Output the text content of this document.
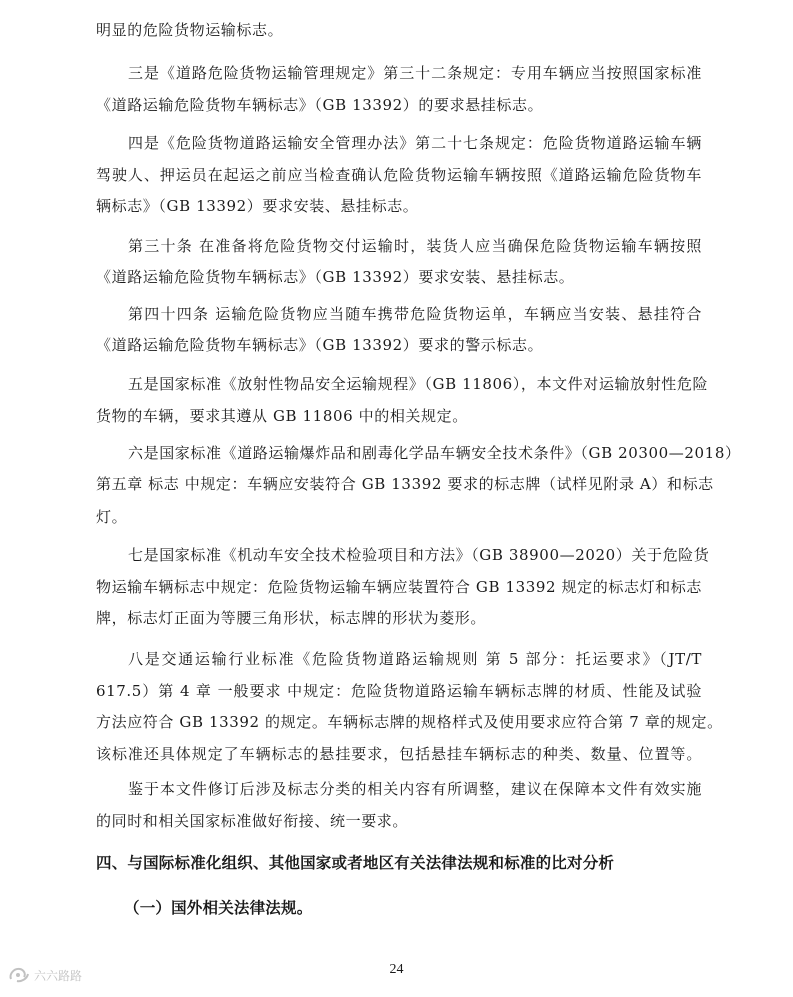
明显的危险货物运输标志。
三是《道路危险货物运输管理规定》第三十二条规定：专用车辆应当按照国家标准
《道路运输危险货物车辆标志》（GB 13392）的要求悬挂标志。
四是《危险货物道路运输安全管理办法》第二十七条规定：危险货物道路运输车辆
驾驶人、押运员在起运之前应当检查确认危险货物运输车辆按照《道路运输危险货物车
辆标志》（GB 13392）要求安装、悬挂标志。
第三十条 在准备将危险货物交付运输时，装货人应当确保危险货物运输车辆按照
《道路运输危险货物车辆标志》（GB 13392）要求安装、悬挂标志。
第四十四条 运输危险货物应当随车携带危险货物运单，车辆应当安装、悬挂符合
《道路运输危险货物车辆标志》（GB 13392）要求的警示标志。
五是国家标准《放射性物品安全运输规程》（GB 11806），本文件对运输放射性危险
货物的车辆，要求其遵从 GB 11806 中的相关规定。
六是国家标准《道路运输爆炸品和剧毒化学品车辆安全技术条件》（GB 20300—2018）
第五章 标志 中规定：车辆应安装符合 GB 13392 要求的标志牌（试样见附录 A）和标志
灯。
七是国家标准《机动车安全技术检验项目和方法》（GB 38900—2020）关于危险货
物运输车辆标志中规定：危险货物运输车辆应装置符合 GB 13392 规定的标志灯和标志
牌，标志灯正面为等腰三角形状，标志牌的形状为菱形。
八是交通运输行业标准《危险货物道路运输规则 第 5 部分：托运要求》（JT/T
617.5）第 4 章 一般要求 中规定：危险货物道路运输车辆标志牌的材质、性能及试验
方法应符合 GB 13392 的规定。车辆标志牌的规格样式及使用要求应符合第 7 章的规定。
该标准还具体规定了车辆标志的悬挂要求，包括悬挂车辆标志的种类、数量、位置等。
鉴于本文件修订后涉及标志分类的相关内容有所调整，建议在保障本文件有效实施
的同时和相关国家标准做好衔接、统一要求。
四、与国际标准化组织、其他国家或者地区有关法律法规和标准的比对分析
（一）国外相关法律法规。
24
六六路路
